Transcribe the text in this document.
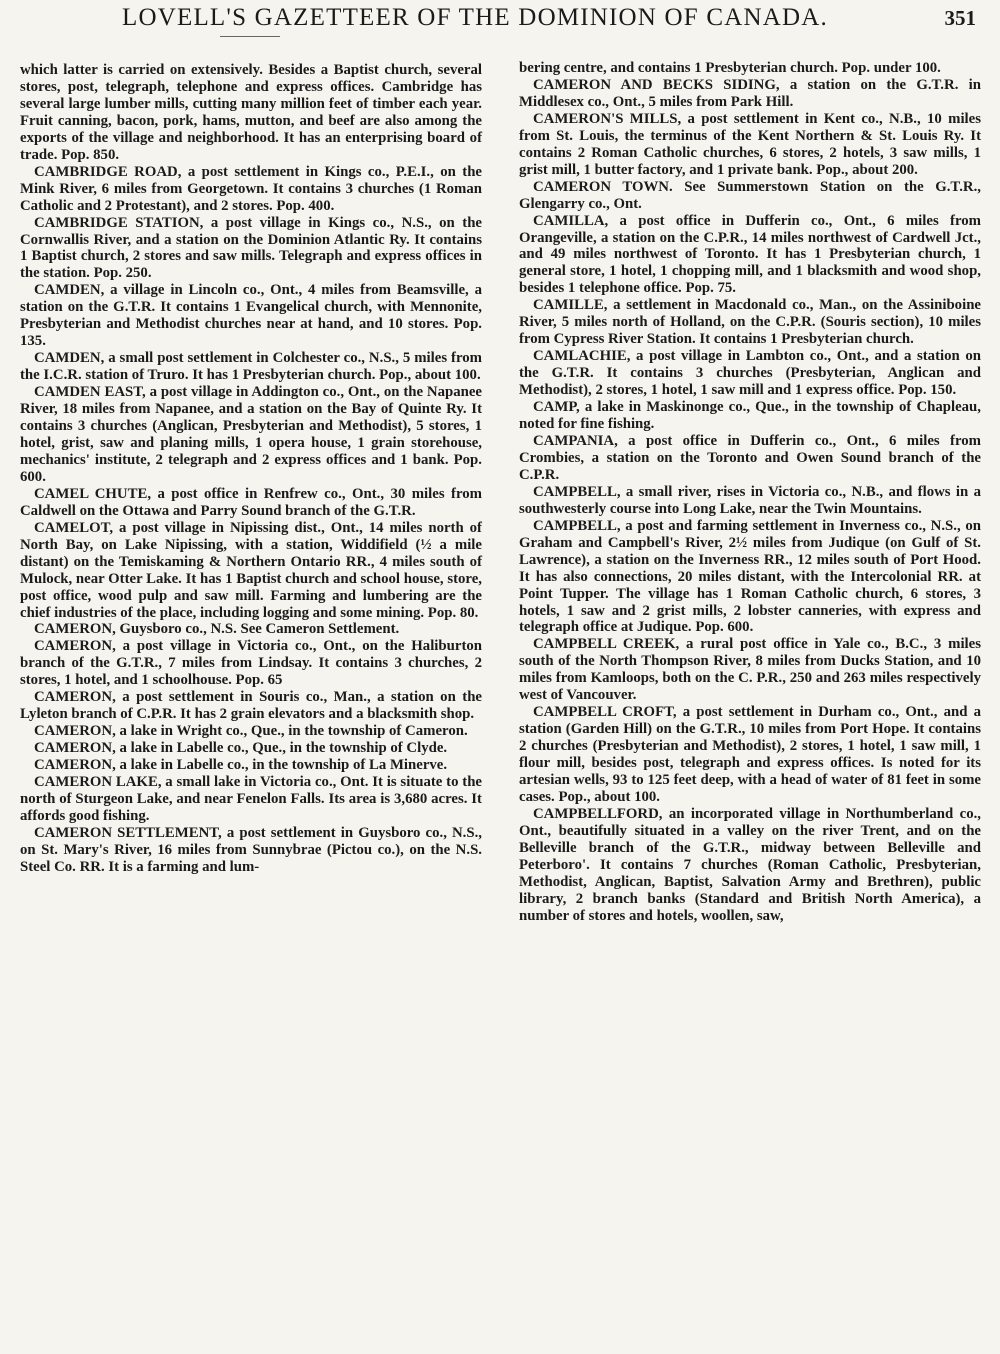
LOVELL'S GAZETTEER OF THE DOMINION OF CANADA.	351

which latter is carried on extensively. Besides a Baptist church, several stores, post, telegraph, telephone and express offices. Cambridge has several large lumber mills, cutting many million feet of timber each year. Fruit canning, bacon, pork, hams, mutton, and beef are also among the exports of the village and neighborhood. It has an enterprising board of trade. Pop. 850.

CAMBRIDGE ROAD, a post settlement in Kings co., P.E.I., on the Mink River, 6 miles from Georgetown. It contains 3 churches (1 Roman Catholic and 2 Protestant), and 2 stores. Pop. 400.

CAMBRIDGE STATION, a post village in Kings co., N.S., on the Cornwallis River, and a station on the Dominion Atlantic Ry. It contains 1 Baptist church, 2 stores and saw mills. Telegraph and express offices in the station. Pop. 250.

CAMDEN, a village in Lincoln co., Ont., 4 miles from Beamsville, a station on the G.T.R. It contains 1 Evangelical church, with Mennonite, Presbyterian and Methodist churches near at hand, and 10 stores. Pop. 135.

CAMDEN, a small post settlement in Colchester co., N.S., 5 miles from the I.C.R. station of Truro. It has 1 Presbyterian church. Pop., about 100.

CAMDEN EAST, a post village in Addington co., Ont., on the Napanee River, 18 miles from Napanee, and a station on the Bay of Quinte Ry. It contains 3 churches (Anglican, Presbyterian and Methodist), 5 stores, 1 hotel, grist, saw and planing mills, 1 opera house, 1 grain storehouse, mechanics' institute, 2 telegraph and 2 express offices and 1 bank. Pop. 600.

CAMEL CHUTE, a post office in Renfrew co., Ont., 30 miles from Caldwell on the Ottawa and Parry Sound branch of the G.T.R.

CAMELOT, a post village in Nipissing dist., Ont., 14 miles north of North Bay, on Lake Nipissing, with a station, Widdifield (½ a mile distant) on the Temiskaming & Northern Ontario RR., 4 miles south of Mulock, near Otter Lake. It has 1 Baptist church and school house, store, post office, wood pulp and saw mill. Farming and lumbering are the chief industries of the place, including logging and some mining. Pop. 80.

CAMERON, Guysboro co., N.S. See Cameron Settlement.

CAMERON, a post village in Victoria co., Ont., on the Haliburton branch of the G.T.R., 7 miles from Lindsay. It contains 3 churches, 2 stores, 1 hotel, and 1 schoolhouse. Pop. 65

CAMERON, a post settlement in Souris co., Man., a station on the Lyleton branch of C.P.R. It has 2 grain elevators and a blacksmith shop.

CAMERON, a lake in Wright co., Que., in the township of Cameron.

CAMERON, a lake in Labelle co., Que., in the township of Clyde.

CAMERON, a lake in Labelle co., in the township of La Minerve.

CAMERON LAKE, a small lake in Victoria co., Ont. It is situate to the north of Sturgeon Lake, and near Fenelon Falls. Its area is 3,680 acres. It affords good fishing.

CAMERON SETTLEMENT, a post settlement in Guysboro co., N.S., on St. Mary's River, 16 miles from Sunnybrae (Pictou co.), on the N.S. Steel Co. RR. It is a farming and lum-

bering centre, and contains 1 Presbyterian church. Pop. under 100.

CAMERON AND BECKS SIDING, a station on the G.T.R. in Middlesex co., Ont., 5 miles from Park Hill.

CAMERON'S MILLS, a post settlement in Kent co., N.B., 10 miles from St. Louis, the terminus of the Kent Northern & St. Louis Ry. It contains 2 Roman Catholic churches, 6 stores, 2 hotels, 3 saw mills, 1 grist mill, 1 butter factory, and 1 private bank. Pop., about 200.

CAMERON TOWN. See Summerstown Station on the G.T.R., Glengarry co., Ont.

CAMILLA, a post office in Dufferin co., Ont., 6 miles from Orangeville, a station on the C.P.R., 14 miles northwest of Cardwell Jct., and 49 miles northwest of Toronto. It has 1 Presbyterian church, 1 general store, 1 hotel, 1 chopping mill, and 1 blacksmith and wood shop, besides 1 telephone office. Pop. 75.

CAMILLE, a settlement in Macdonald co., Man., on the Assiniboine River, 5 miles north of Holland, on the C.P.R. (Souris section), 10 miles from Cypress River Station. It contains 1 Presbyterian church.

CAMLACHIE, a post village in Lambton co., Ont., and a station on the G.T.R. It contains 3 churches (Presbyterian, Anglican and Methodist), 2 stores, 1 hotel, 1 saw mill and 1 express office. Pop. 150.

CAMP, a lake in Maskinonge co., Que., in the township of Chapleau, noted for fine fishing.

CAMPANIA, a post office in Dufferin co., Ont., 6 miles from Crombies, a station on the Toronto and Owen Sound branch of the C.P.R.

CAMPBELL, a small river, rises in Victoria co., N.B., and flows in a southwesterly course into Long Lake, near the Twin Mountains.

CAMPBELL, a post and farming settlement in Inverness co., N.S., on Graham and Campbell's River, 2½ miles from Judique (on Gulf of St. Lawrence), a station on the Inverness RR., 12 miles south of Port Hood. It has also connections, 20 miles distant, with the Intercolonial RR. at Point Tupper. The village has 1 Roman Catholic church, 6 stores, 3 hotels, 1 saw and 2 grist mills, 2 lobster canneries, with express and telegraph office at Judique. Pop. 600.

CAMPBELL CREEK, a rural post office in Yale co., B.C., 3 miles south of the North Thompson River, 8 miles from Ducks Station, and 10 miles from Kamloops, both on the C. P.R., 250 and 263 miles respectively west of Vancouver.

CAMPBELL CROFT, a post settlement in Durham co., Ont., and a station (Garden Hill) on the G.T.R., 10 miles from Port Hope. It contains 2 churches (Presbyterian and Methodist), 2 stores, 1 hotel, 1 saw mill, 1 flour mill, besides post, telegraph and express offices. Is noted for its artesian wells, 93 to 125 feet deep, with a head of water of 81 feet in some cases. Pop., about 100.

CAMPBELLFORD, an incorporated village in Northumberland co., Ont., beautifully situated in a valley on the river Trent, and on the Belleville branch of the G.T.R., midway between Belleville and Peterboro'. It contains 7 churches (Roman Catholic, Presbyterian, Methodist, Anglican, Baptist, Salvation Army and Brethren), public library, 2 branch banks (Standard and British North America), a number of stores and hotels, woollen, saw,
